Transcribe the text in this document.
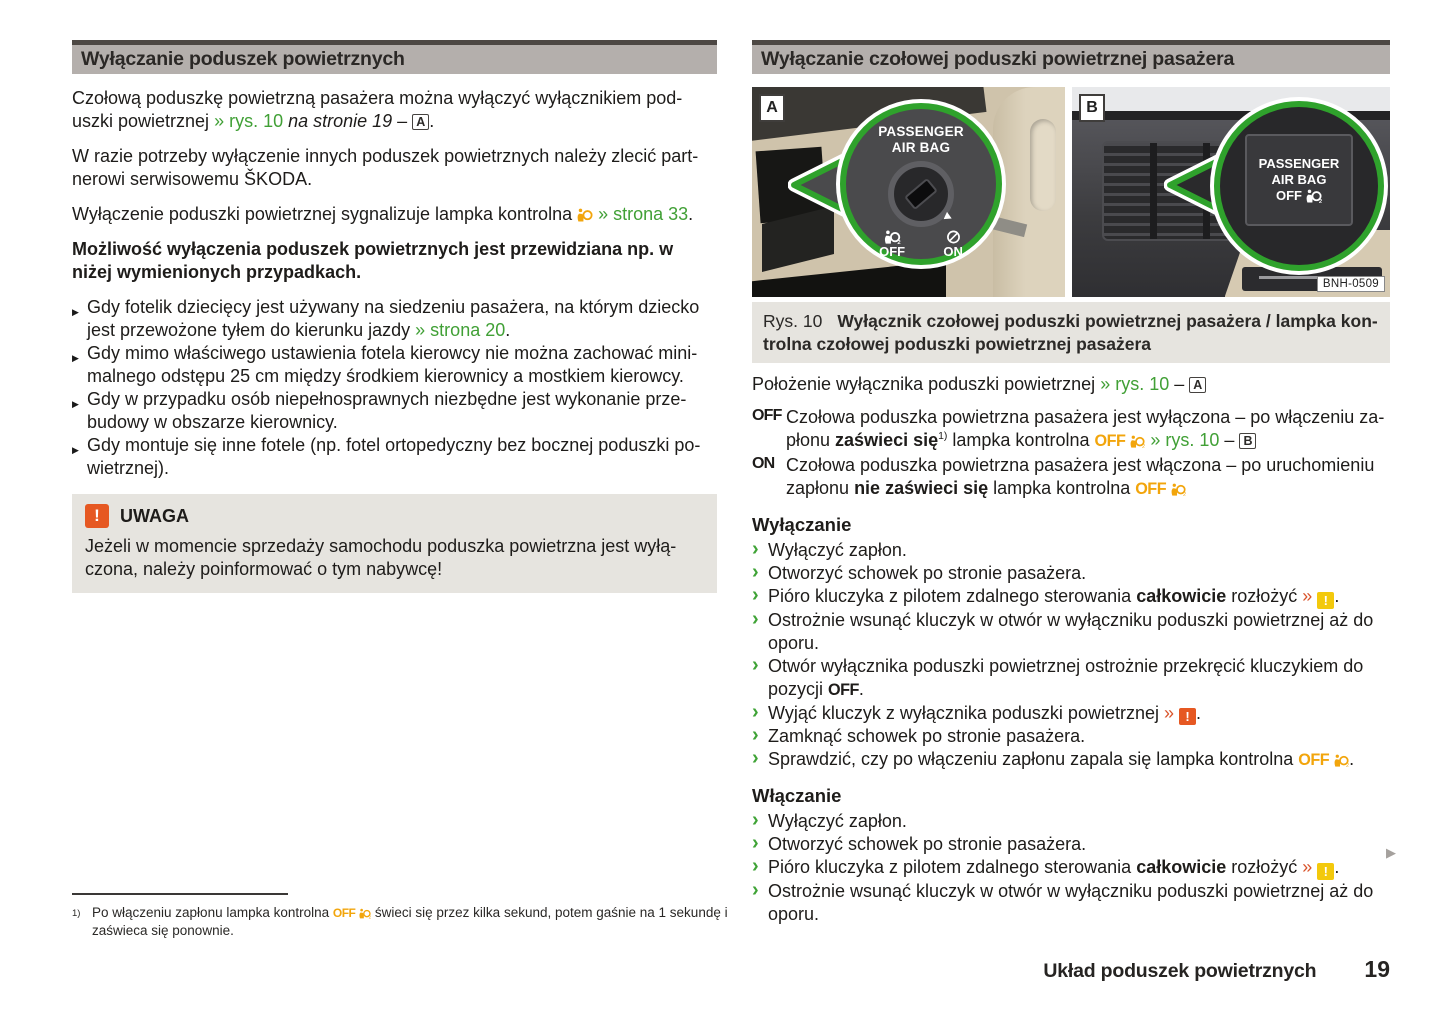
Wyłączanie poduszek powietrznych

Czołową poduszkę powietrzną pasażera można wyłączyć wyłącznikiem poduszki powietrznej » rys. 10 na stronie 19 – A .

W razie potrzeby wyłączenie innych poduszek powietrznych należy zlecić partnerowi serwisowemu ŠKODA.

Wyłączenie poduszki powietrznej sygnalizuje lampka kontrolna  » strona 33.

Możliwość wyłączenia poduszek powietrznych jest przewidziana np. w niżej wymienionych przypadkach.

▶ Gdy fotelik dziecięcy jest używany na siedzeniu pasażera, na którym dziecko jest przewożone tyłem do kierunku jazdy » strona 20.
▶ Gdy mimo właściwego ustawienia fotela kierowcy nie można zachować minimalnego odstępu 25 cm między środkiem kierownicy a mostkiem kierowcy.
▶ Gdy w przypadku osób niepełnosprawnych niezbędne jest wykonanie przebudowy w obszarze kierownicy.
▶ Gdy montuje się inne fotele (np. fotel ortopedyczny bez bocznej poduszki powietrznej).
!	UWAGA
Jeżeli w momencie sprzedaży samochodu poduszka powietrzna jest wyłączona, należy poinformować o tym nabywcę!
Wyłączanie czołowej poduszki powietrznej pasażera
PASSENGER
AIR BAG
OFF	ON
A
PASSENGER
AIR BAG
OFF
B
BNH-0509
Rys. 10 Wyłącznik czołowej poduszki powietrznej pasażera / lampka kontrolna czołowej poduszki powietrznej pasażera

Położenie wyłącznika poduszki powietrznej » rys. 10 – A

OFF Czołowa poduszka powietrzna pasażera jest wyłączona – po włączeniu zapłonu zaświeci się$^{1)}$ lampka kontrolna OFF » rys. 10 – B
ON Czołowa poduszka powietrzna pasażera jest włączona – po uruchomieniu zapłonu nie zaświeci się lampka kontrolna OFF
Wyłączanie
› Wyłączyć zapłon.
› Otworzyć schowek po stronie pasażera.
› Pióro kluczyka z pilotem zdalnego sterowania całkowicie rozłożyć » ! .
› Ostrożnie wsunąć kluczyk w otwór w wyłączniku poduszki powietrznej aż do oporu.
› Otwór wyłącznika poduszki powietrznej ostrożnie przekręcić kluczykiem do pozycji OFF.
› Wyjąć kluczyk z wyłącznika poduszki powietrznej » ! .
› Zamknąć schowek po stronie pasażera.
› Sprawdzić, czy po włączeniu zapłonu zapala się lampka kontrolna OFF .
Włączanie
› Wyłączyć zapłon.
› Otworzyć schowek po stronie pasażera.
› Pióro kluczyka z pilotem zdalnego sterowania całkowicie rozłożyć » ! .
› Ostrożnie wsunąć kluczyk w otwór w wyłączniku poduszki powietrznej aż do oporu.
▶
1) Po włączeniu zapłonu lampka kontrolna OFF  świeci się przez kilka sekund, potem gaśnie na 1 sekundę i zaświeca się ponownie.
Układ poduszek powietrznych 19
